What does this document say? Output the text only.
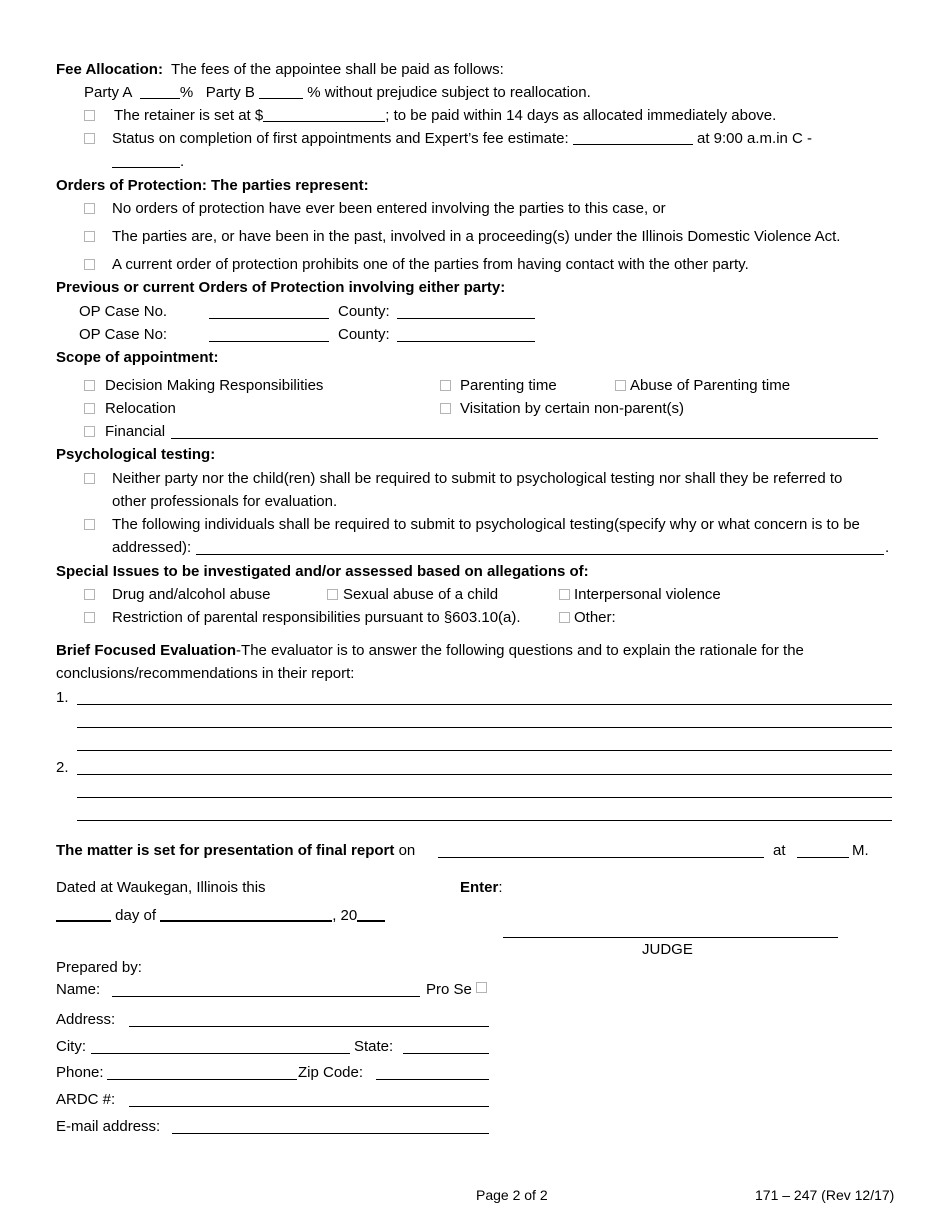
Fee Allocation: The fees of the appointee shall be paid as follows:
Party A	% Party B	% without prejudice subject to reallocation.
The retainer is set at $	; to be paid within 14 days as allocated immediately above.
Status on completion of first appointments and Expert’s fee estimate:	at 9:00 a.m.in C -
.
Orders of Protection: The parties represent:
No orders of protection have ever been entered involving the parties to this case, or
The parties are, or have been in the past, involved in a proceeding(s) under the Illinois Domestic Violence Act.
A current order of protection prohibits one of the parties from having contact with the other party.
Previous or current Orders of Protection involving either party:
OP Case No.	County:
OP Case No:	County:
Scope of appointment:
Decision Making Responsibilities	Parenting time	Abuse of Parenting time
Relocation	Visitation by certain non-parent(s)
Financial
Psychological testing:
Neither party nor the child(ren) shall be required to submit to psychological testing nor shall they be referred to
other professionals for evaluation.
The following individuals shall be required to submit to psychological testing(specify why or what concern is to be
addressed):	.
Special Issues to be investigated and/or assessed based on allegations of:
Drug and/alcohol abuse	Sexual abuse of a child	Interpersonal violence
Restriction of parental responsibilities pursuant to §603.10(a).	Other:
Brief Focused Evaluation-The evaluator is to answer the following questions and to explain the rationale for the
conclusions/recommendations in their report:
1.
2.
The matter is set for presentation of final report on	at	M.
Dated at Waukegan, Illinois this	Enter:
day of	, 20
JUDGE
Prepared by:
Name:	Pro Se
Address:
City:	State:
Phone:	Zip Code:
ARDC #:
E-mail address:
Page 2 of 2	171 – 247 (Rev 12/17)
